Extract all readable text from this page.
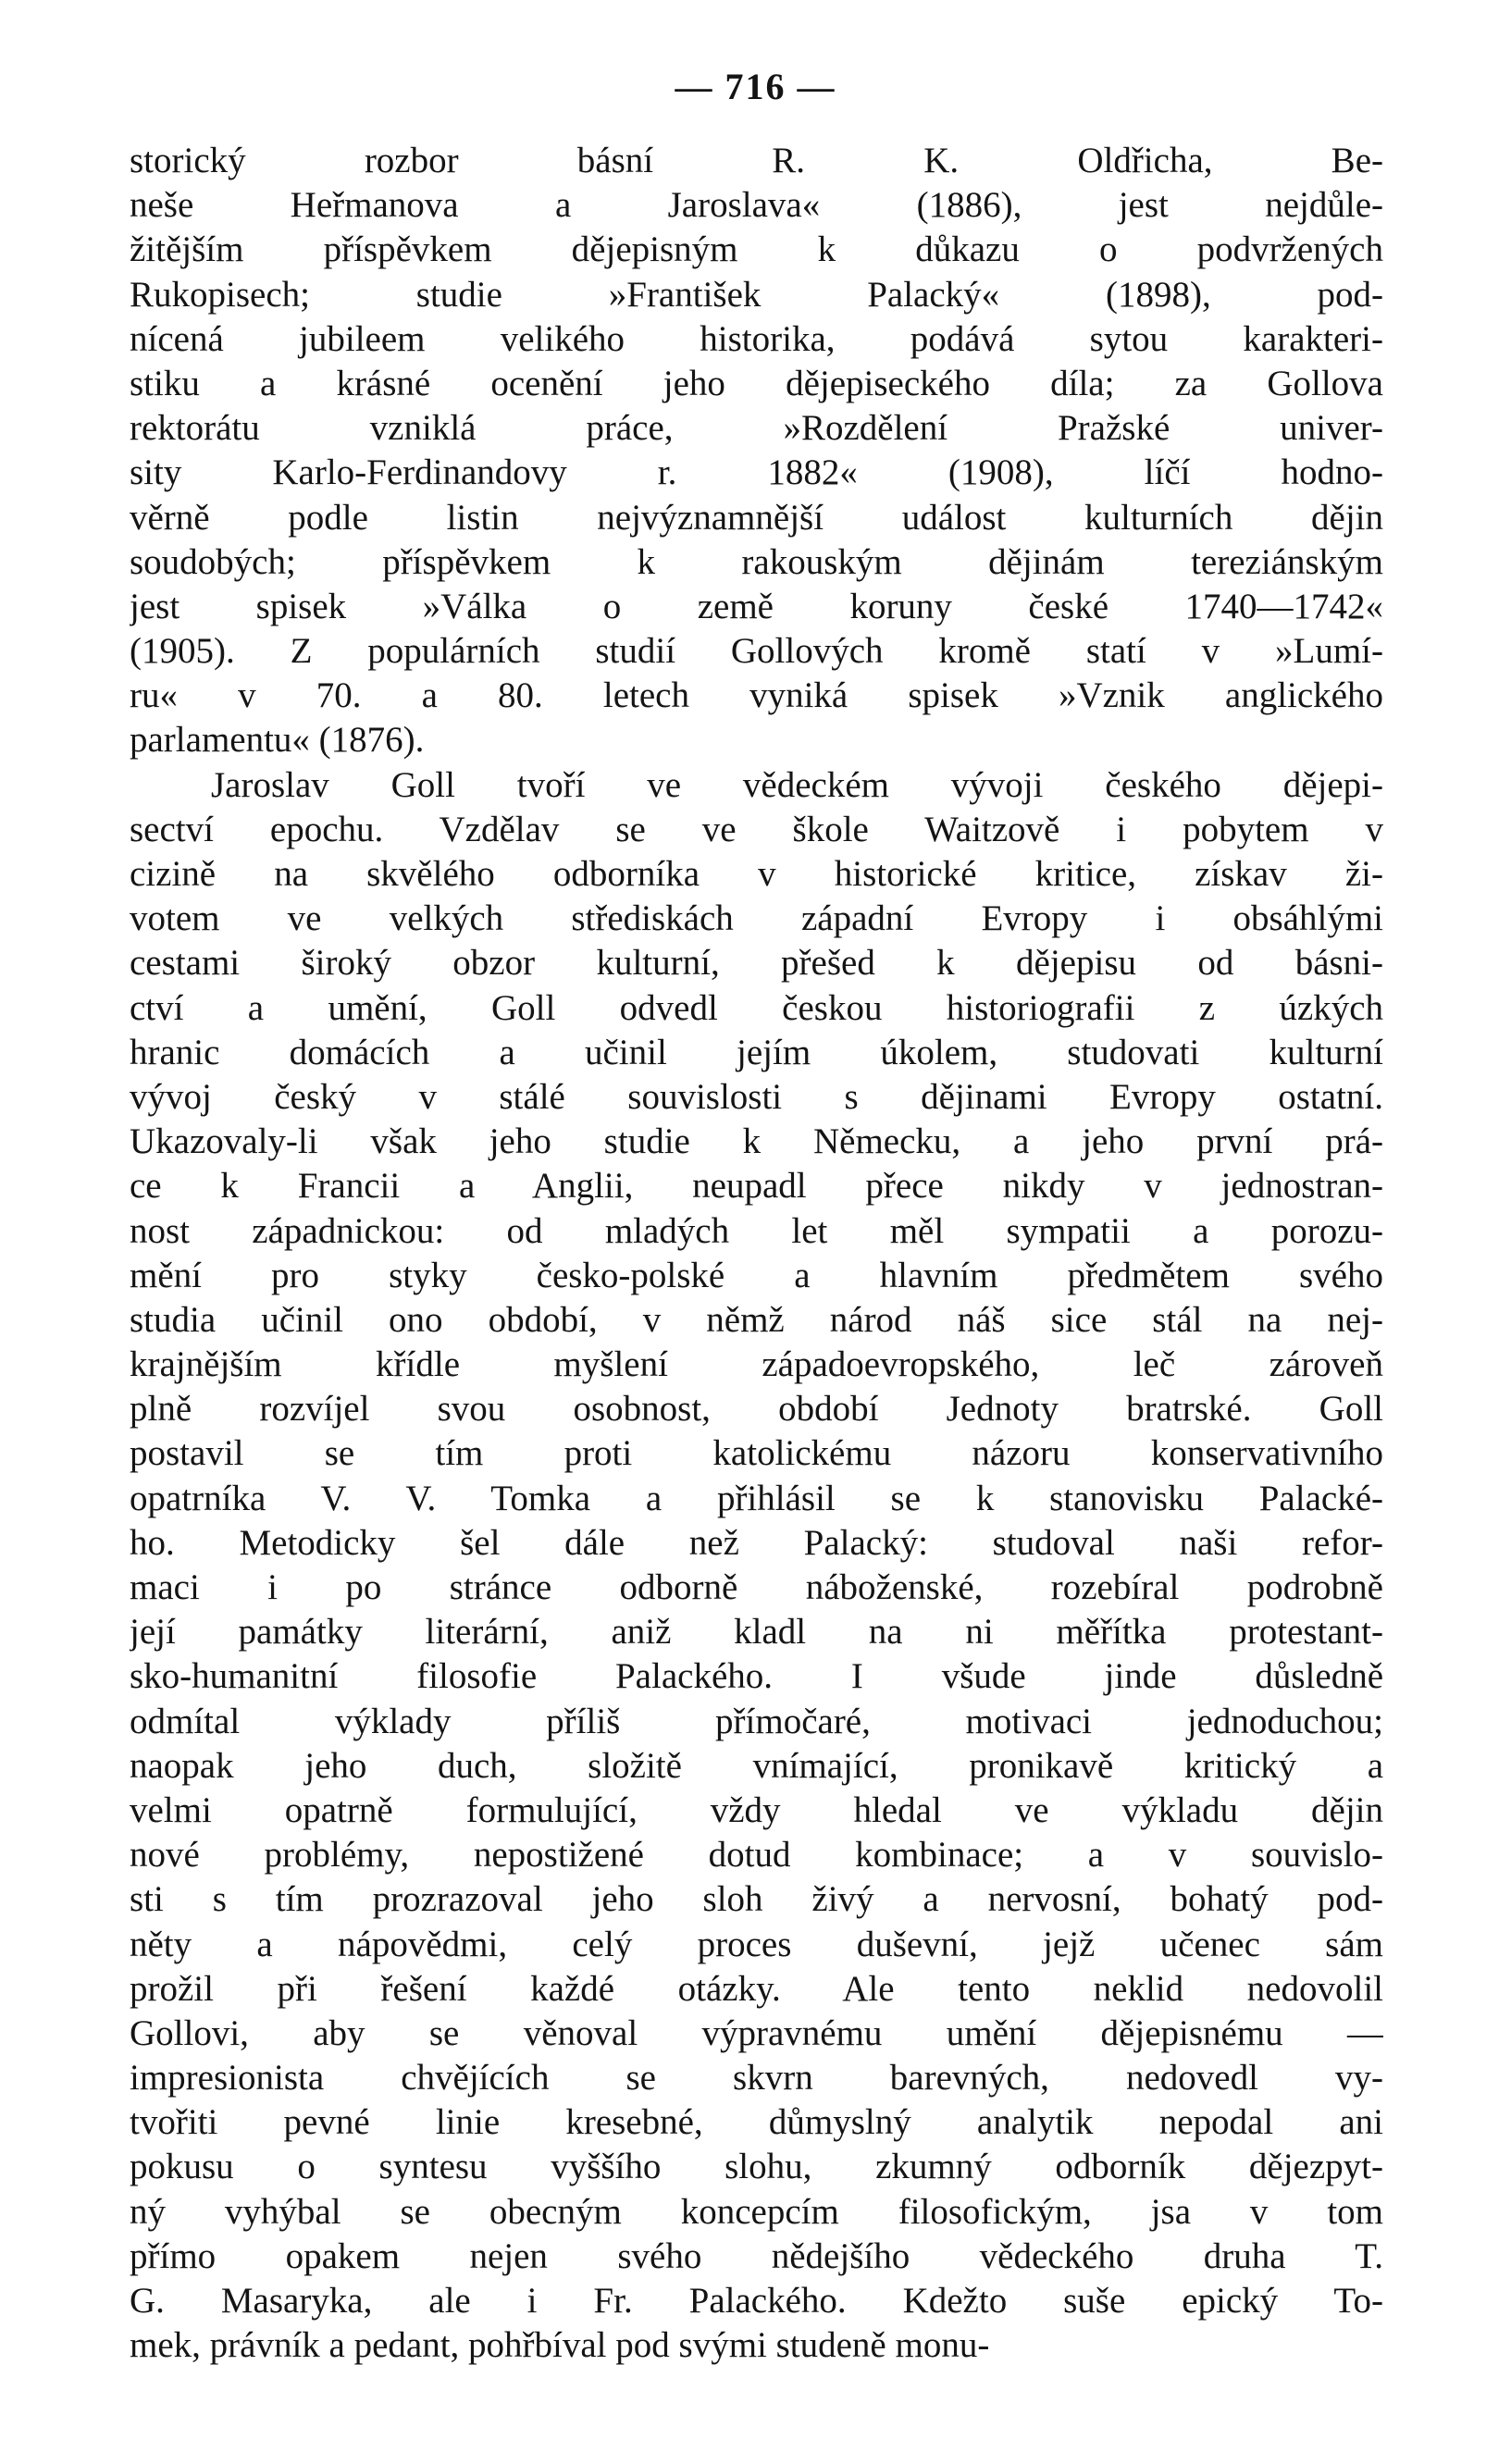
— 716 —
storický rozbor básní R. K. Oldřicha, Be-
neše Heřmanova a Jaroslava« (1886), jest nejdůle-
žitějším příspěvkem dějepisným k důkazu o podvržených
Rukopisech; studie »František Palacký« (1898), pod-
nícená jubileem velikého historika, podává sytou karakteri-
stiku a krásné ocenění jeho dějepiseckého díla; za Gollova
rektorátu vzniklá práce, »Rozdělení Pražské univer-
sity Karlo-Ferdinandovy r. 1882« (1908), líčí hodno-
věrně podle listin nejvýznamnější událost kulturních dějin
soudobých; příspěvkem k rakouským dějinám tereziánským
jest spisek »Válka o země koruny české 1740—1742«
(1905). Z populárních studií Gollových kromě statí v »Lumí-
ru« v 70. a 80. letech vyniká spisek »Vznik anglického
parlamentu« (1876).
Jaroslav Goll tvoří ve vědeckém vývoji českého dějepi-
sectví epochu. Vzdělav se ve škole Waitzově i pobytem v
cizině na skvělého odborníka v historické kritice, získav ži-
votem ve velkých střediskách západní Evropy i obsáhlými
cestami široký obzor kulturní, přešed k dějepisu od básni-
ctví a umění, Goll odvedl českou historiografii z úzkých
hranic domácích a učinil jejím úkolem, studovati kulturní
vývoj český v stálé souvislosti s dějinami Evropy ostatní.
Ukazovaly-li však jeho studie k Německu, a jeho první prá-
ce k Francii a Anglii, neupadl přece nikdy v jednostran-
nost západnickou: od mladých let měl sympatii a porozu-
mění pro styky česko-polské a hlavním předmětem svého
studia učinil ono období, v němž národ náš sice stál na nej-
krajnějším křídle myšlení západoevropského, leč zároveň
plně rozvíjel svou osobnost, období Jednoty bratrské. Goll
postavil se tím proti katolickému názoru konservativního
opatrníka V. V. Tomka a přihlásil se k stanovisku Palacké-
ho. Metodicky šel dále než Palacký: studoval naši refor-
maci i po stránce odborně náboženské, rozebíral podrobně
její památky literární, aniž kladl na ni měřítka protestant-
sko-humanitní filosofie Palackého. I všude jinde důsledně
odmítal výklady příliš přímočaré, motivaci jednoduchou;
naopak jeho duch, složitě vnímající, pronikavě kritický a
velmi opatrně formulující, vždy hledal ve výkladu dějin
nové problémy, nepostižené dotud kombinace; a v souvislo-
sti s tím prozrazoval jeho sloh živý a nervosní, bohatý pod-
něty a nápovědmi, celý proces duševní, jejž učenec sám
prožil při řešení každé otázky. Ale tento neklid nedovolil
Gollovi, aby se věnoval výpravnému umění dějepisnému —
impresionista chvějících se skvrn barevných, nedovedl vy-
tvořiti pevné linie kresebné, důmyslný analytik nepodal ani
pokusu o syntesu vyššího slohu, zkumný odborník dějezpyt-
ný vyhýbal se obecným koncepcím filosofickým, jsa v tom
přímo opakem nejen svého nědejšího vědeckého druha T.
G. Masaryka, ale i Fr. Palackého. Kdežto suše epický To-
mek, právník a pedant, pohřbíval pod svými studeně monu-
